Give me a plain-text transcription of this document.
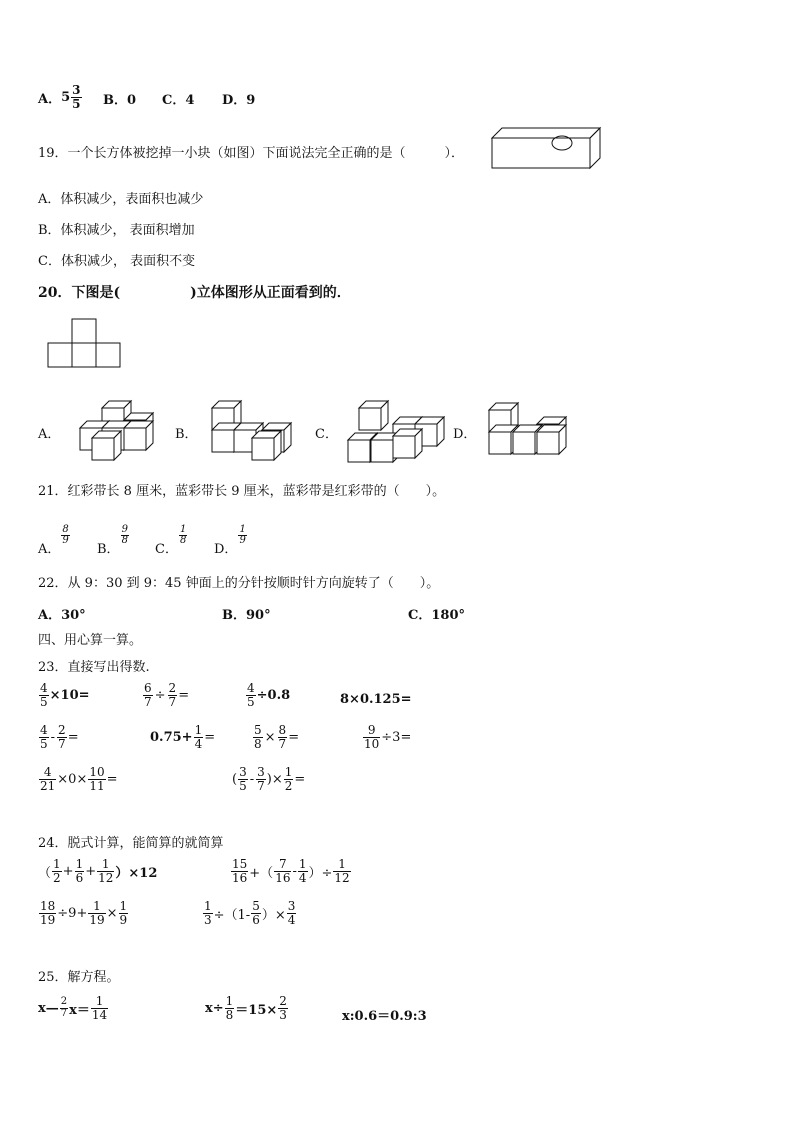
A． $5 \frac{3}{5}$ B．0 C．4 D．9
19．一个长方体被挖掉一小块（如图）下面说法完全正确的是（　　　）．
A．体积减少，表面积也减少
B．体积减少， 表面积增加
C．体积减少， 表面积不变
20．下图是(　　　　　)立体图形从正面看到的．
A．	B．	C．	D．
21．红彩带长 8 厘米，蓝彩带长 9 厘米，蓝彩带是红彩带的（　　）。
A．
$\frac{8}{9}$
B．
$\frac{9}{8}$
C．
$\frac{1}{8}$
D．
$\frac{1}{9}$
22．从 9：30 到 9：45 钟面上的分针按顺时针方向旋转了（　　）。
A．30°	B．90°	C．180°
四、用心算一算。
23．直接写出得数.
$\frac{4}{5} \times 10=$	$\frac{6}{7} \div \frac{2}{7}$ =	$\frac{4}{5} \div 0.8$	8×0.125=
$\frac{4}{5} - \frac{2}{7}$ =	$0.75+ \frac{1}{4}$ =	$\frac{5}{8} \times \frac{8}{7}$ =	$\frac{9}{10} \div 3=$
$\frac{4}{21} \times 0\times \frac{10}{11}$ =	( $\frac{3}{5} - \frac{3}{7}$ )× $\frac{1}{2}$ =
24．脱式计算，能简算的就简算
（ $\frac{1}{2} + \frac{1}{6} + \frac{1}{12} )\times 12$	$\frac{15}{16}$ +（ $\frac{7}{16} - \frac{1}{4}$ ）÷ $\frac{1}{12}$
$\frac{18}{19} \div 9+ \frac{1}{19} \times \frac{1}{9}$	$\frac{1}{3} \div(1- \frac{5}{6}$ ）× $\frac{3}{4}$
25．解方程。
x— $\frac{2}{7} x= \frac{1}{14}$	$x\div \frac{1}{8} =15\times \frac{2}{3}$	x:0.6＝0.9:3
